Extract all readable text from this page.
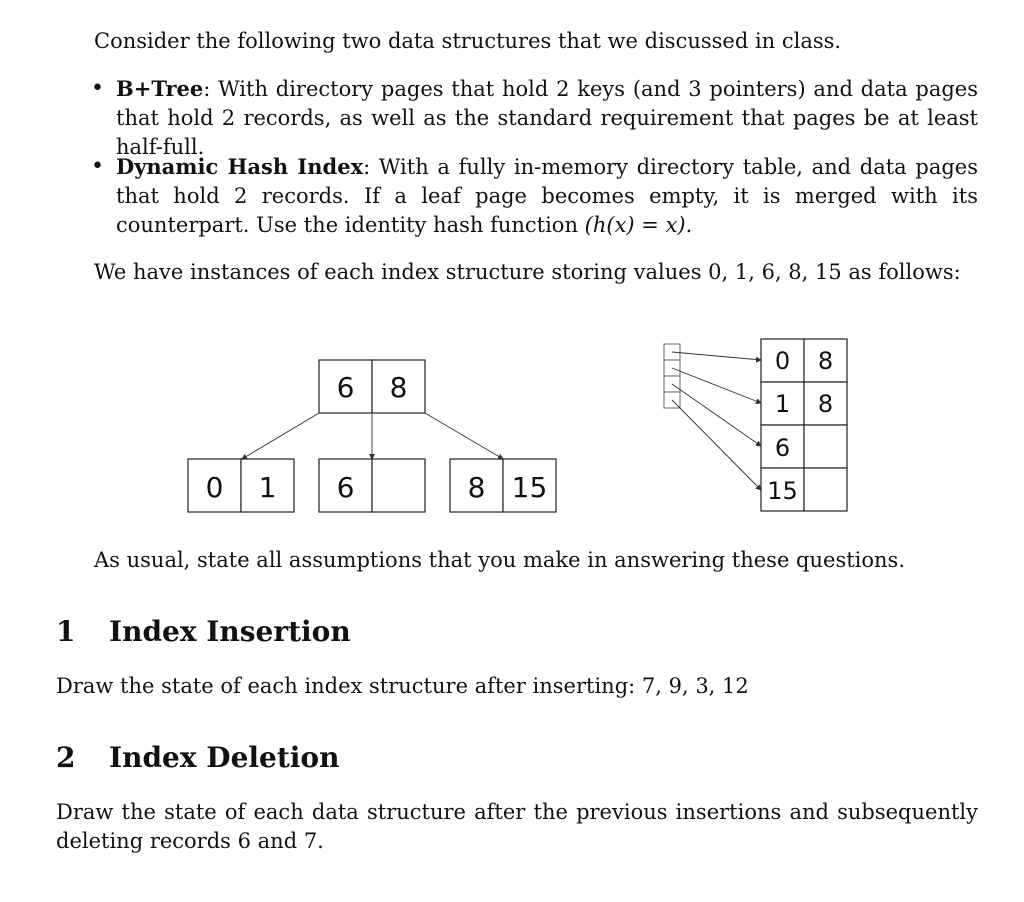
Consider the following two data structures that we discussed in class.
• B+Tree: With directory pages that hold 2 keys (and 3 pointers) and data pages that hold 2 records, as well as the standard requirement that pages be at least half-full.
• Dynamic Hash Index: With a fully in-memory directory table, and data pages that hold 2 records. If a leaf page becomes empty, it is merged with its counterpart. Use the identity hash function (h(x) = x).
We have instances of each index structure storing values 0, 1, 6, 8, 15 as follows:
6 8
0 1 6	8 15
0 8
1 8
6
15
As usual, state all assumptions that you make in answering these questions.
1 Index Insertion
Draw the state of each index structure after inserting: 7, 9, 3, 12
2 Index Deletion
Draw the state of each data structure after the previous insertions and subsequently deleting records 6 and 7.
